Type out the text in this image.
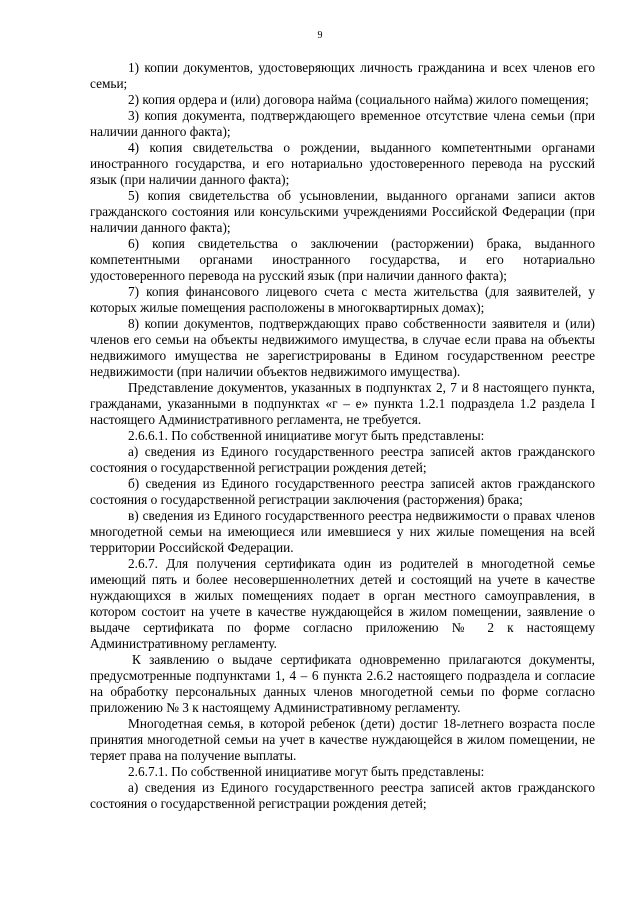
9

1) копии документов, удостоверяющих личность гражданина и всех членов его семьи;

2) копия ордера и (или) договора найма (социального найма) жилого помещения;

3) копия документа, подтверждающего временное отсутствие члена семьи (при наличии данного факта);

4) копия свидетельства о рождении, выданного компетентными органами иностранного государства, и его нотариально удостоверенного перевода на русский язык (при наличии данного факта);

5) копия свидетельства об усыновлении, выданного органами записи актов гражданского состояния или консульскими учреждениями Российской Федерации (при наличии данного факта);

6) копия свидетельства о заключении (расторжении) брака, выданного компетентными органами иностранного государства, и его нотариально удостоверенного перевода на русский язык (при наличии данного факта);

7) копия финансового лицевого счета с места жительства (для заявителей, у которых жилые помещения расположены в многоквартирных домах);

8) копии документов, подтверждающих право собственности заявителя и (или) членов его семьи на объекты недвижимого имущества, в случае если права на объекты недвижимого имущества не зарегистрированы в Едином государственном реестре недвижимости (при наличии объектов недвижимого имущества).

Представление документов, указанных в подпунктах 2, 7 и 8 настоящего пункта, гражданами, указанными в подпунктах «г – е» пункта 1.2.1 подраздела 1.2 раздела I настоящего Административного регламента, не требуется.

2.6.6.1. По собственной инициативе могут быть представлены:

а) сведения из Единого государственного реестра записей актов гражданского состояния о государственной регистрации рождения детей;

б) сведения из Единого государственного реестра записей актов гражданского состояния о государственной регистрации заключения (расторжения) брака;

в) сведения из Единого государственного реестра недвижимости о правах членов многодетной семьи на имеющиеся или имевшиеся у них жилые помещения на всей территории Российской Федерации.

2.6.7. Для получения сертификата один из родителей в многодетной семье имеющий пять и более несовершеннолетних детей и состоящий на учете в качестве нуждающихся в жилых помещениях подает в орган местного самоуправления, в котором состоит на учете в качестве нуждающейся в жилом помещении, заявление о выдаче сертификата по форме согласно приложению № 2 к настоящему Административному регламенту.

К заявлению о выдаче сертификата одновременно прилагаются документы, предусмотренные подпунктами 1, 4 – 6 пункта 2.6.2 настоящего подраздела и согласие на обработку персональных данных членов многодетной семьи по форме согласно приложению № 3 к настоящему Административному регламенту.

Многодетная семья, в которой ребенок (дети) достиг 18-летнего возраста после принятия многодетной семьи на учет в качестве нуждающейся в жилом помещении, не теряет права на получение выплаты.

2.6.7.1. По собственной инициативе могут быть представлены:

а) сведения из Единого государственного реестра записей актов гражданского состояния о государственной регистрации рождения детей;
